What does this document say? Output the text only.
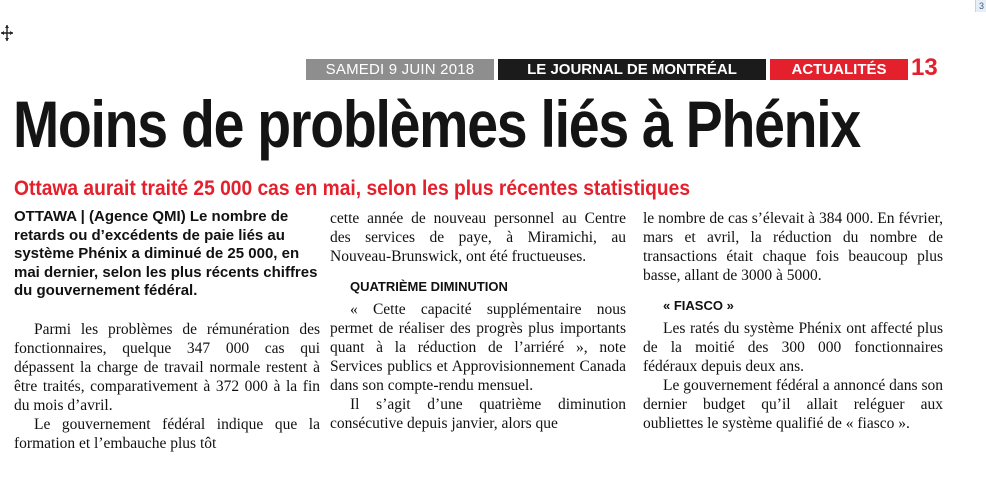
3
SAMEDI 9 JUIN 2018	LE JOURNAL DE MONTRÉAL	ACTUALITÉS	13
Moins de problèmes liés à Phénix
Ottawa aurait traité 25 000 cas en mai, selon les plus récentes statistiques

OTTAWA | (Agence QMI) Le nombre de retards ou d’excédents de paie liés au système Phénix a diminué de 25 000, en mai dernier, selon les plus récents chiffres du gouvernement fédéral.

Parmi les problèmes de rémunération des fonctionnaires, quelque 347 000 cas qui dépassent la charge de travail normale restent à être traités, comparativement à 372 000 à la fin du mois d’avril.

Le gouvernement fédéral indique que la formation et l’embauche plus tôt

cette année de nouveau personnel au Centre des services de paye, à Miramichi, au Nouveau-Brunswick, ont été fructueuses.

QUATRIÈME DIMINUTION

« Cette capacité supplémentaire nous permet de réaliser des progrès plus importants quant à la réduction de l’arriéré », note Services publics et Approvisionnement Canada dans son compte-rendu mensuel.

Il s’agit d’une quatrième diminution consécutive depuis janvier, alors que

le nombre de cas s’élevait à 384 000. En février, mars et avril, la réduction du nombre de transactions était chaque fois beaucoup plus basse, allant de 3000 à 5000.

« FIASCO »

Les ratés du système Phénix ont affecté plus de la moitié des 300 000 fonctionnaires fédéraux depuis deux ans.

Le gouvernement fédéral a annoncé dans son dernier budget qu’il allait reléguer aux oubliettes le système qualifié de « fiasco ».
